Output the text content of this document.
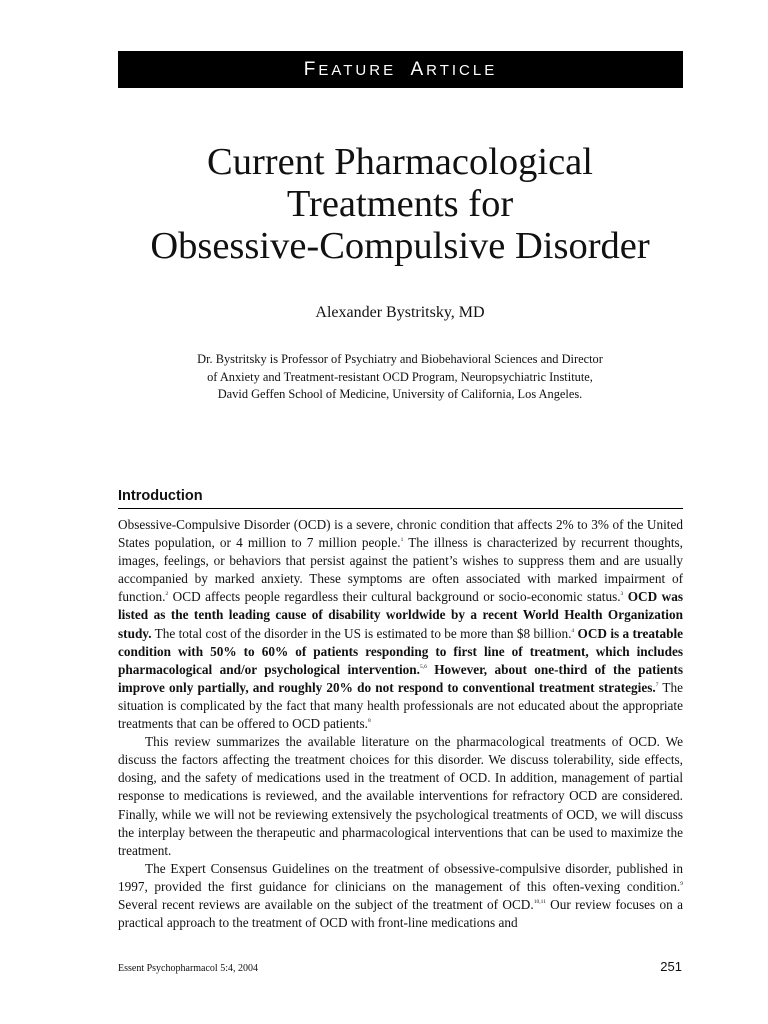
FEATURE ARTICLE
Current Pharmacological
Treatments for
Obsessive-Compulsive Disorder

Alexander Bystritsky, MD

Dr. Bystritsky is Professor of Psychiatry and Biobehavioral Sciences and Director
of Anxiety and Treatment-resistant OCD Program, Neuropsychiatric Institute,
David Geffen School of Medicine, University of California, Los Angeles.

Introduction

Obsessive-Compulsive Disorder (OCD) is a severe, chronic condition that affects 2% to 3% of the United States population, or 4 million to 7 million people.$^1$ The illness is characterized by recurrent thoughts, images, feelings, or behaviors that persist against the patient’s wishes to suppress them and are usually accompanied by marked anxiety. These symptoms are often associated with marked impairment of function.$^2$ OCD affects people regardless their cultural background or socio-economic status.$^3$ OCD was listed as the tenth leading cause of disability worldwide by a recent World Health Organization study. The total cost of the disorder in the US is estimated to be more than $8 billion.$^4$ OCD is a treatable condition with 50% to 60% of patients responding to first line of treatment, which includes pharmacological and/or psychological intervention.$^{5,6}$ However, about one-third of the patients improve only partially, and roughly 20% do not respond to conventional treatment strategies.$^7$ The situation is complicated by the fact that many health professionals are not educated about the appropriate treatments that can be offered to OCD patients.$^8$

This review summarizes the available literature on the pharmacological treatments of OCD. We discuss the factors affecting the treatment choices for this disorder. We discuss tolerability, side effects, dosing, and the safety of medications used in the treatment of OCD. In addition, management of partial response to medications is reviewed, and the available interventions for refractory OCD are considered. Finally, while we will not be reviewing extensively the psychological treatments of OCD, we will discuss the interplay between the therapeutic and pharmacological interventions that can be used to maximize the treatment.

The Expert Consensus Guidelines on the treatment of obsessive-compulsive disorder, published in 1997, provided the first guidance for clinicians on the management of this often-vexing condition.$^9$ Several recent reviews are available on the subject of the treatment of OCD.$^{10,11}$ Our review focuses on a practical approach to the treatment of OCD with front-line medications and

Essent Psychopharmacol 5:4, 2004	251
